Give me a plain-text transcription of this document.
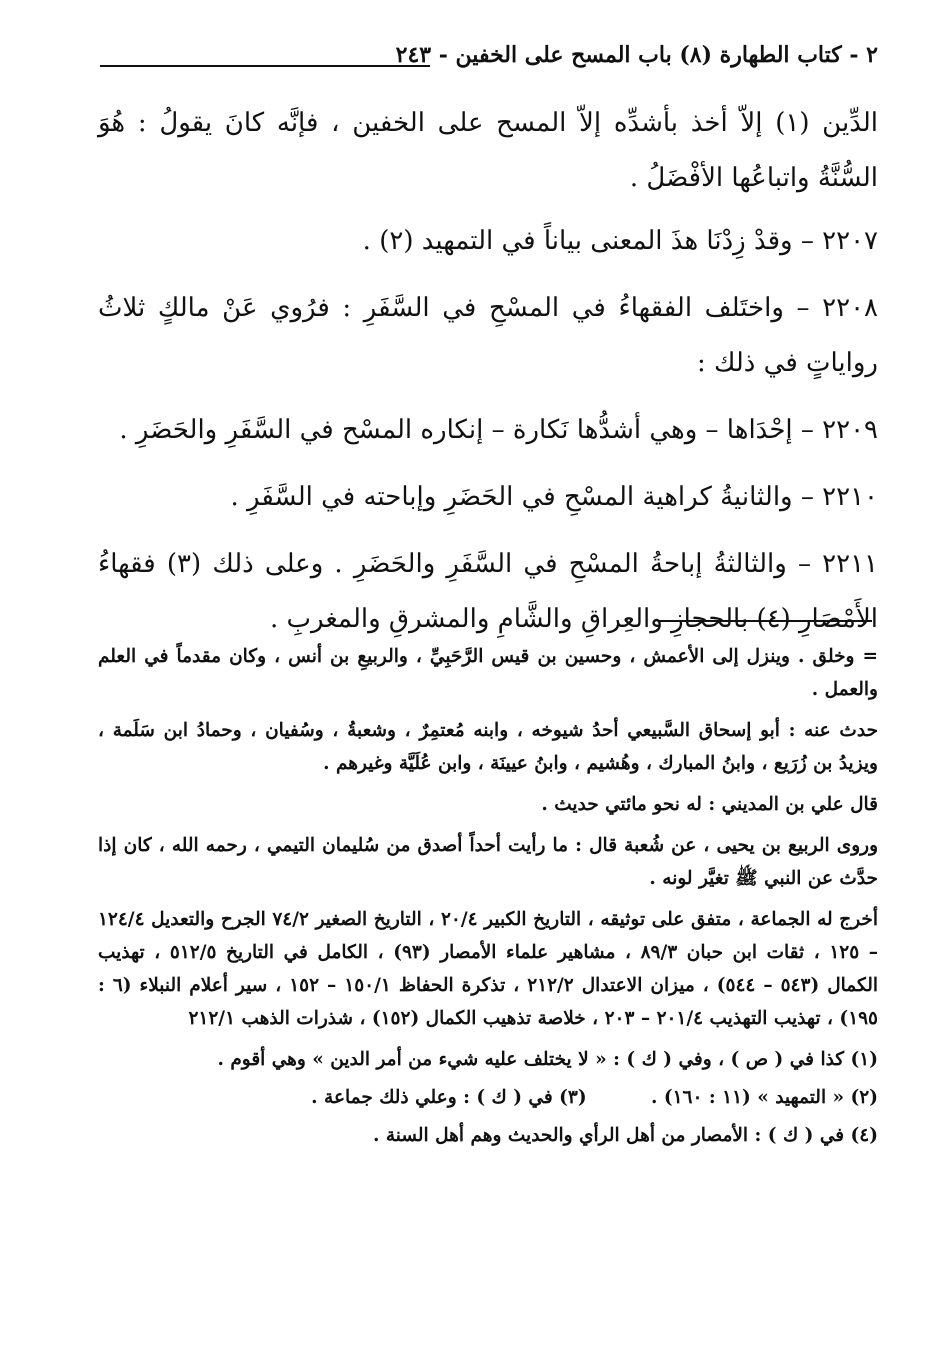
٢ - كتاب الطهارة (٨) باب المسح على الخفين - ٢٤٣

الدِّين (١) إلاّ أخذ بأشدِّه إلاّ المسح على الخفين ، فإنَّه كانَ يقولُ : هُوَ السُّنَّةُ واتباعُها الأفْضَلُ .

٢٢٠٧ – وقدْ زِدْنَا هذَ المعنى بياناً في التمهيد (٢) .

٢٢٠٨ – واختَلف الفقهاءُ في المسْحِ في السَّفَرِ : فرُوي عَنْ مالكٍ ثلاثُ رواياتٍ في ذلك :

٢٢٠٩ – إحْدَاها – وهي أشدُّها نَكارة – إنكاره المسْح في السَّفَرِ والحَضَرِ .

٢٢١٠ – والثانيةُ كراهية المسْحِ في الحَضَرِ وإباحته في السَّفَرِ .

٢٢١١ – والثالثةُ إباحةُ المسْحِ في السَّفَرِ والحَضَرِ . وعلى ذلك (٣) فقهاءُ الأَمْصَارِ (٤) بالحجازِ والعِراقِ والشَّامِ والمشرقِ والمغربِ .

= وخلق . وينزل إلى الأعمش ، وحسين بن قيس الرَّحَبِيِّ ، والربيعِ بن أنس ، وكان مقدماً في العلم والعمل .

حدث عنه : أبو إسحاق السَّبيعي أحدُ شيوخه ، وابنه مُعتمِرٌ ، وشعبةُ ، وسُفيان ، وحمادُ ابن سَلَمة ، ويزيدُ بن زُرَيع ، وابنُ المبارك ، وهُشيم ، وابنُ عيينَة ، وابن عُلَيَّة وغيرهم .

قال علي بن المديني : له نحو مائتي حديث .

وروى الربيع بن يحيى ، عن شُعبة قال : ما رأيت أحداً أصدق من سُليمان التيمي ، رحمه الله ، كان إذا حدَّث عن النبي ﷺ تغيَّر لونه .

أخرج له الجماعة ، متفق على توثيقه ، التاريخ الكبير ٢٠/٤ ، التاريخ الصغير ٧٤/٢ الجرح والتعديل ١٢٤/٤ – ١٢٥ ، ثقات ابن حبان ٨٩/٣ ، مشاهير علماء الأمصار (٩٣) ، الكامل في التاريخ ٥١٢/٥ ، تهذيب الكمال (٥٤٣ – ٥٤٤) ، ميزان الاعتدال ٢١٢/٢ ، تذكرة الحفاظ ١٥٠/١ – ١٥٢ ، سير أعلام النبلاء (٦ : ١٩٥) ، تهذيب التهذيب ٢٠١/٤ – ٢٠٣ ، خلاصة تذهيب الكمال (١٥٢) ، شذرات الذهب ٢١٢/١

(١) كذا في ( ص ) ، وفي ( ك ) : « لا يختلف عليه شيء من أمر الدين » وهي أقوم .

(٢) « التمهيد » (١١ : ١٦٠) .          (٣) في ( ك ) : وعلي ذلك جماعة .

(٤) في ( ك ) : الأمصار من أهل الرأي والحديث وهم أهل السنة .
